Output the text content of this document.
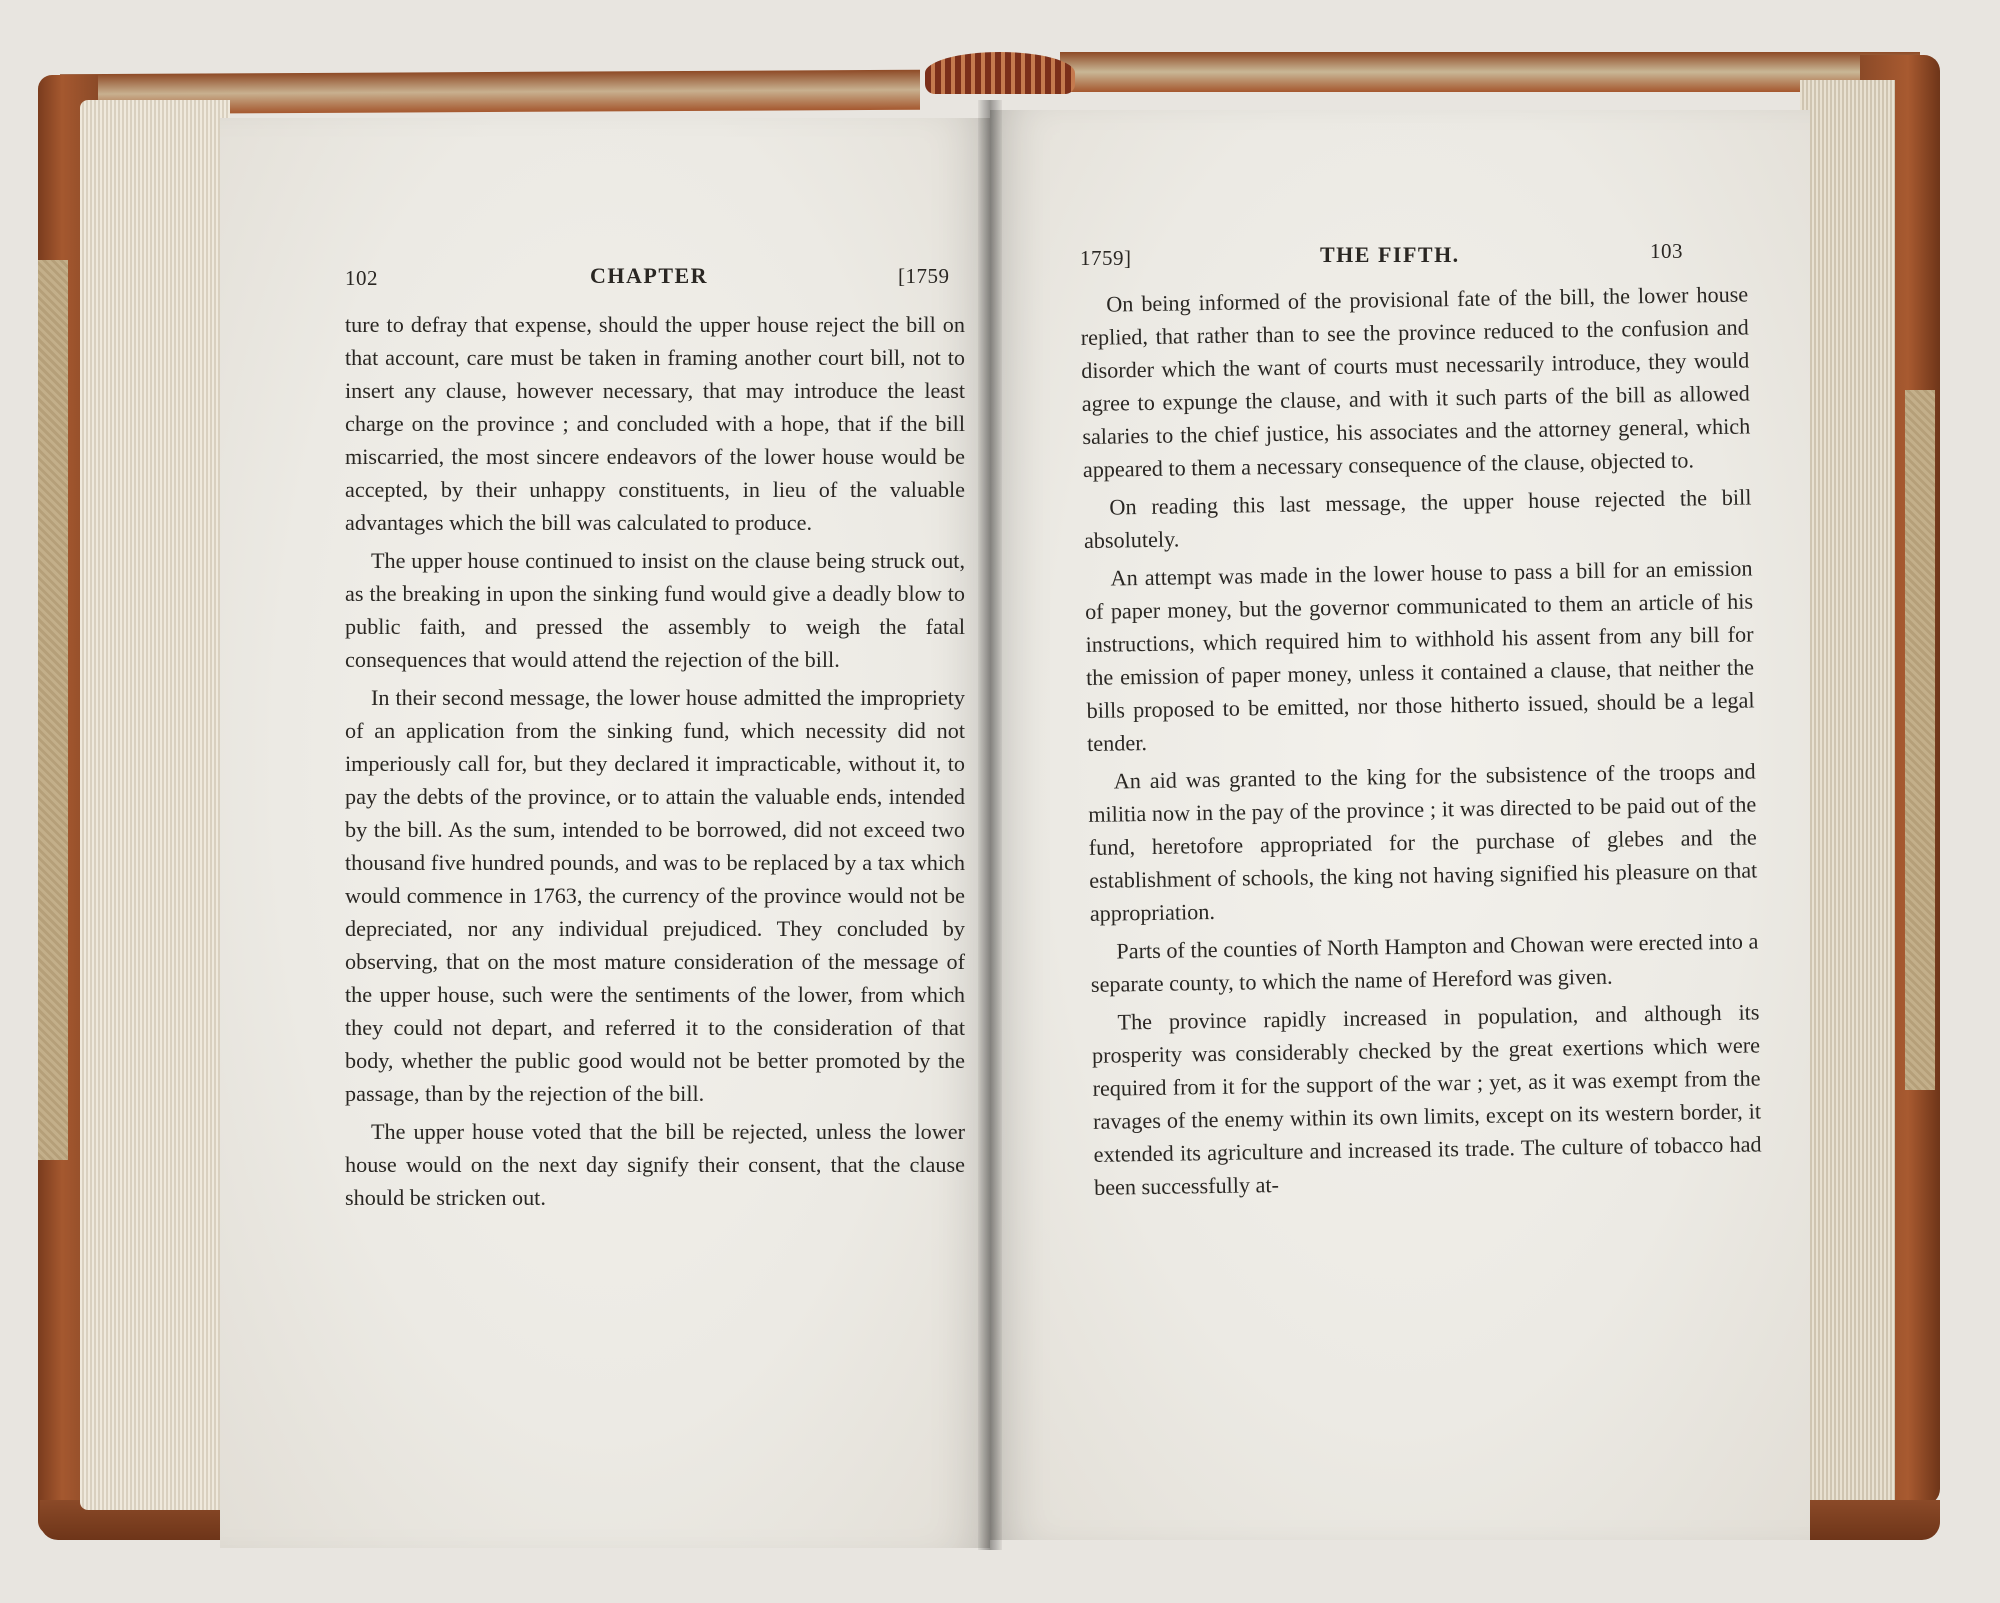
102	CHAPTER	[1759

ture to defray that expense, should the upper house reject the bill on that account, care must be taken in framing another court bill, not to insert any clause, however necessary, that may introduce the least charge on the province ; and concluded with a hope, that if the bill miscarried, the most sincere endeavors of the lower house would be accepted, by their unhappy constituents, in lieu of the valuable advantages which the bill was calculated to produce.

The upper house continued to insist on the clause being struck out, as the breaking in upon the sinking fund would give a deadly blow to public faith, and pressed the assembly to weigh the fatal consequences that would attend the rejection of the bill.

In their second message, the lower house admitted the impropriety of an application from the sinking fund, which necessity did not imperiously call for, but they declared it impracticable, without it, to pay the debts of the province, or to attain the valuable ends, intended by the bill. As the sum, intended to be borrowed, did not exceed two thousand five hundred pounds, and was to be replaced by a tax which would commence in 1763, the currency of the province would not be depreciated, nor any individual prejudiced. They concluded by observing, that on the most mature consideration of the message of the upper house, such were the sentiments of the lower, from which they could not depart, and referred it to the consideration of that body, whether the public good would not be better promoted by the passage, than by the rejection of the bill.

The upper house voted that the bill be rejected, unless the lower house would on the next day signify their consent, that the clause should be stricken out.

1759]	THE FIFTH.	103

On being informed of the provisional fate of the bill, the lower house replied, that rather than to see the province reduced to the confusion and disorder which the want of courts must necessarily introduce, they would agree to expunge the clause, and with it such parts of the bill as allowed salaries to the chief justice, his associates and the attorney general, which appeared to them a necessary consequence of the clause, objected to.

On reading this last message, the upper house rejected the bill absolutely.

An attempt was made in the lower house to pass a bill for an emission of paper money, but the governor communicated to them an article of his instructions, which required him to withhold his assent from any bill for the emission of paper money, unless it contained a clause, that neither the bills proposed to be emitted, nor those hitherto issued, should be a legal tender.

An aid was granted to the king for the subsistence of the troops and militia now in the pay of the province ; it was directed to be paid out of the fund, heretofore appropriated for the purchase of glebes and the establishment of schools, the king not having signified his pleasure on that appropriation.

Parts of the counties of North Hampton and Chowan were erected into a separate county, to which the name of Hereford was given.

The province rapidly increased in population, and although its prosperity was considerably checked by the great exertions which were required from it for the support of the war ; yet, as it was exempt from the ravages of the enemy within its own limits, except on its western border, it extended its agriculture and increased its trade. The culture of tobacco had been successfully at-
